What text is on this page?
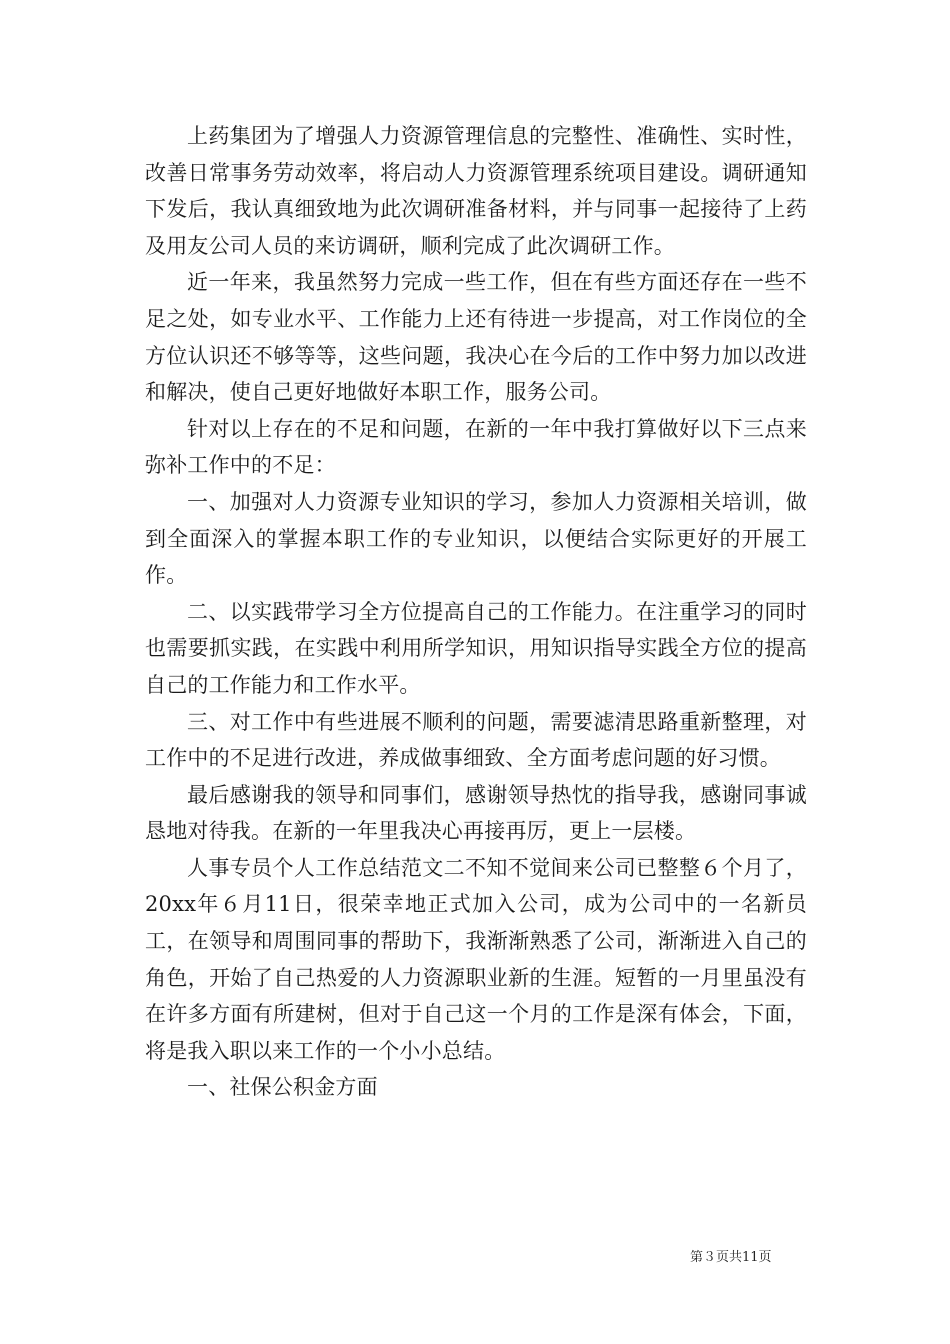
上药集团为了增强人力资源管理信息的完整性、准确性、实时性，改善日常事务劳动效率，将启动人力资源管理系统项目建设。调研通知下发后，我认真细致地为此次调研准备材料，并与同事一起接待了上药及用友公司人员的来访调研，顺利完成了此次调研工作。

近一年来，我虽然努力完成一些工作，但在有些方面还存在一些不足之处，如专业水平、工作能力上还有待进一步提高，对工作岗位的全方位认识还不够等等，这些问题，我决心在今后的工作中努力加以改进和解决，使自己更好地做好本职工作，服务公司。

针对以上存在的不足和问题，在新的一年中我打算做好以下三点来弥补工作中的不足：

一、加强对人力资源专业知识的学习，参加人力资源相关培训，做到全面深入的掌握本职工作的专业知识，以便结合实际更好的开展工作。

二、以实践带学习全方位提高自己的工作能力。在注重学习的同时也需要抓实践，在实践中利用所学知识，用知识指导实践全方位的提高自己的工作能力和工作水平。

三、对工作中有些进展不顺利的问题，需要滤清思路重新整理，对工作中的不足进行改进，养成做事细致、全方面考虑问题的好习惯。

最后感谢我的领导和同事们，感谢领导热忱的指导我，感谢同事诚恳地对待我。在新的一年里我决心再接再厉，更上一层楼。

人事专员个人工作总结范文二不知不觉间来公司已整整６个月了，20xx年６月11日，很荣幸地正式加入公司，成为公司中的一名新员工，在领导和周围同事的帮助下，我渐渐熟悉了公司，渐渐进入自己的角色，开始了自己热爱的人力资源职业新的生涯。短暂的一月里虽没有在许多方面有所建树，但对于自己这一个月的工作是深有体会，下面，将是我入职以来工作的一个小小总结。

一、社保公积金方面

第３页共11页
